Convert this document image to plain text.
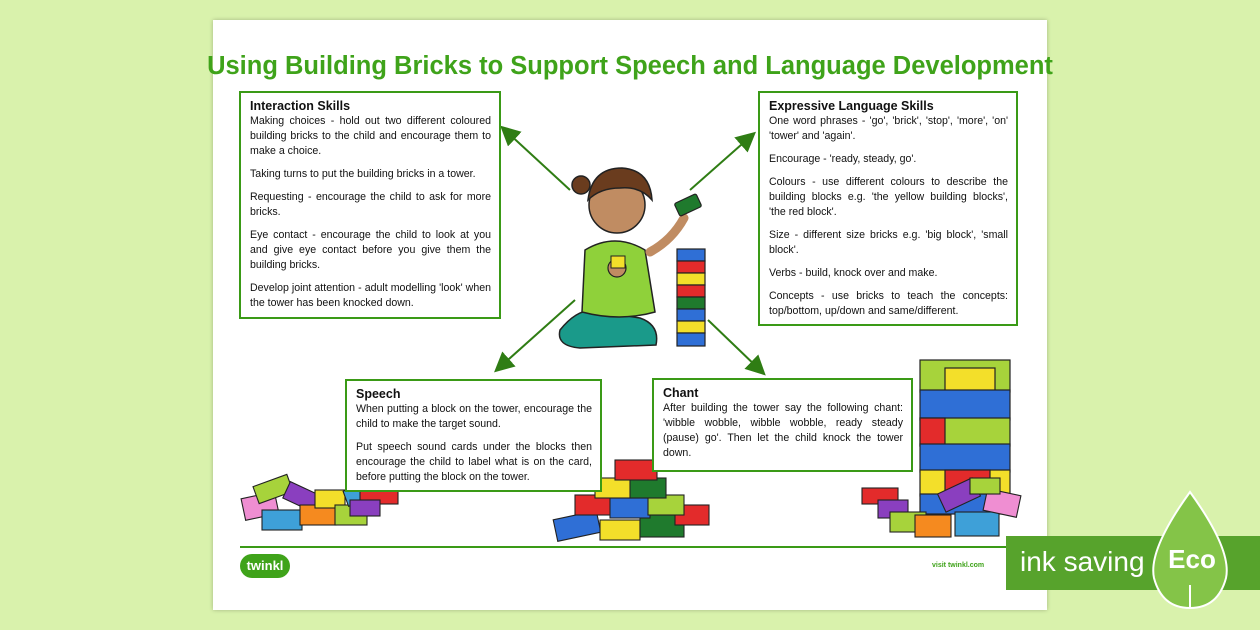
Using Building Bricks to Support Speech and Language Development
Interaction Skills

Making choices - hold out two different coloured building bricks to the child and encourage them to make a choice.

Taking turns to put the building bricks in a tower.

Requesting - encourage the child to ask for more bricks.

Eye contact - encourage the child to look at you and give eye contact before you give them the building bricks.

Develop joint attention - adult modelling 'look' when the tower has been knocked down.

Expressive Language Skills

One word phrases - 'go', 'brick', 'stop', 'more', 'on' 'tower' and 'again'.

Encourage - 'ready, steady, go'.

Colours - use different colours to describe the building blocks e.g. 'the yellow building blocks', 'the red block'.

Size - different size bricks e.g. 'big block', 'small block'.

Verbs - build, knock over and make.

Concepts - use bricks to teach the concepts: top/bottom, up/down and same/different.

Speech

When putting a block on the tower, encourage the child to make the target sound.

Put speech sound cards under the blocks then encourage the child to label what is on the card, before putting the block on the tower.

Chant

After building the tower say the following chant: 'wibble wobble, wibble wobble, ready steady (pause) go'. Then let the child knock the tower down.

twinkl	visit twinkl.com ink saving Eco
